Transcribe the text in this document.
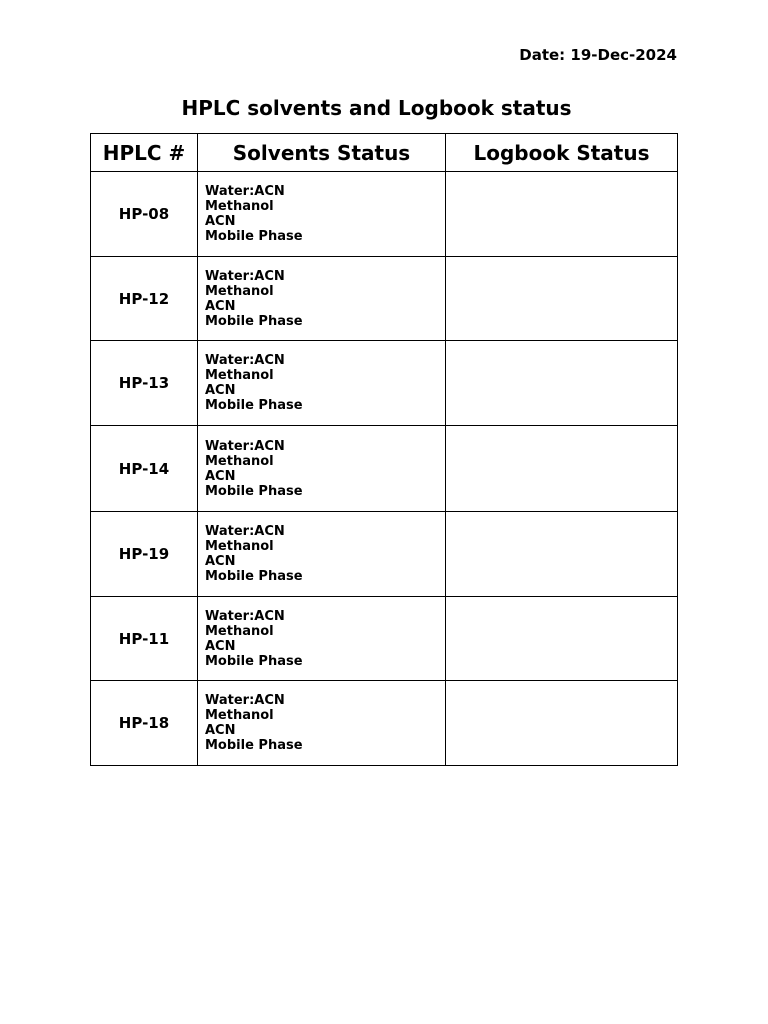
Date: 19-Dec-2024
HPLC solvents and Logbook status
HPLC #	Solvents Status	Logbook Status
HP-08	Water:ACN
Methanol
ACN
Mobile Phase	

HP-12	Water:ACN
Methanol
ACN
Mobile Phase	

HP-13	Water:ACN
Methanol
ACN
Mobile Phase	

HP-14	Water:ACN
Methanol
ACN
Mobile Phase	

HP-19	Water:ACN
Methanol
ACN
Mobile Phase	

HP-11	Water:ACN
Methanol
ACN
Mobile Phase	

HP-18	Water:ACN
Methanol
ACN
Mobile Phase	
